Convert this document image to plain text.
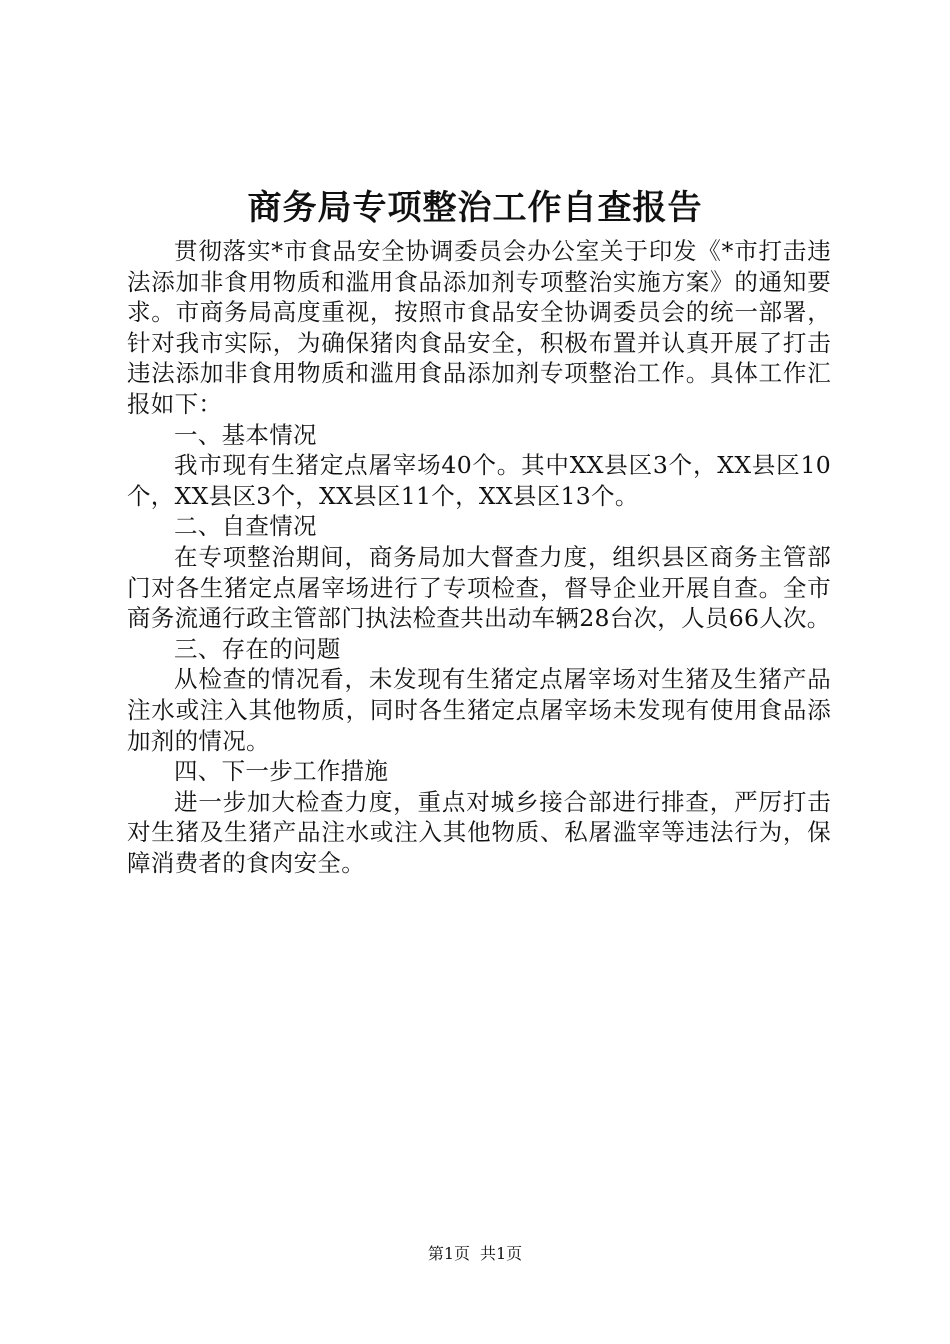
商务局专项整治工作自查报告

贯彻落实*市食品安全协调委员会办公室关于印发《*市打击违法添加非食用物质和滥用食品添加剂专项整治实施方案》的通知要求。市商务局高度重视，按照市食品安全协调委员会的统一部署，针对我市实际，为确保猪肉食品安全，积极布置并认真开展了打击违法添加非食用物质和滥用食品添加剂专项整治工作。具体工作汇报如下：

一、基本情况

我市现有生猪定点屠宰场40个。其中XX县区3个，XX县区10个，XX县区3个，XX县区11个，XX县区13个。

二、自查情况

在专项整治期间，商务局加大督查力度，组织县区商务主管部门对各生猪定点屠宰场进行了专项检查，督导企业开展自查。全市商务流通行政主管部门执法检查共出动车辆28台次，人员66人次。

三、存在的问题

从检查的情况看，未发现有生猪定点屠宰场对生猪及生猪产品注水或注入其他物质，同时各生猪定点屠宰场未发现有使用食品添加剂的情况。

四、下一步工作措施

进一步加大检查力度，重点对城乡接合部进行排查，严厉打击对生猪及生猪产品注水或注入其他物质、私屠滥宰等违法行为，保障消费者的食肉安全。

第1页 共1页
